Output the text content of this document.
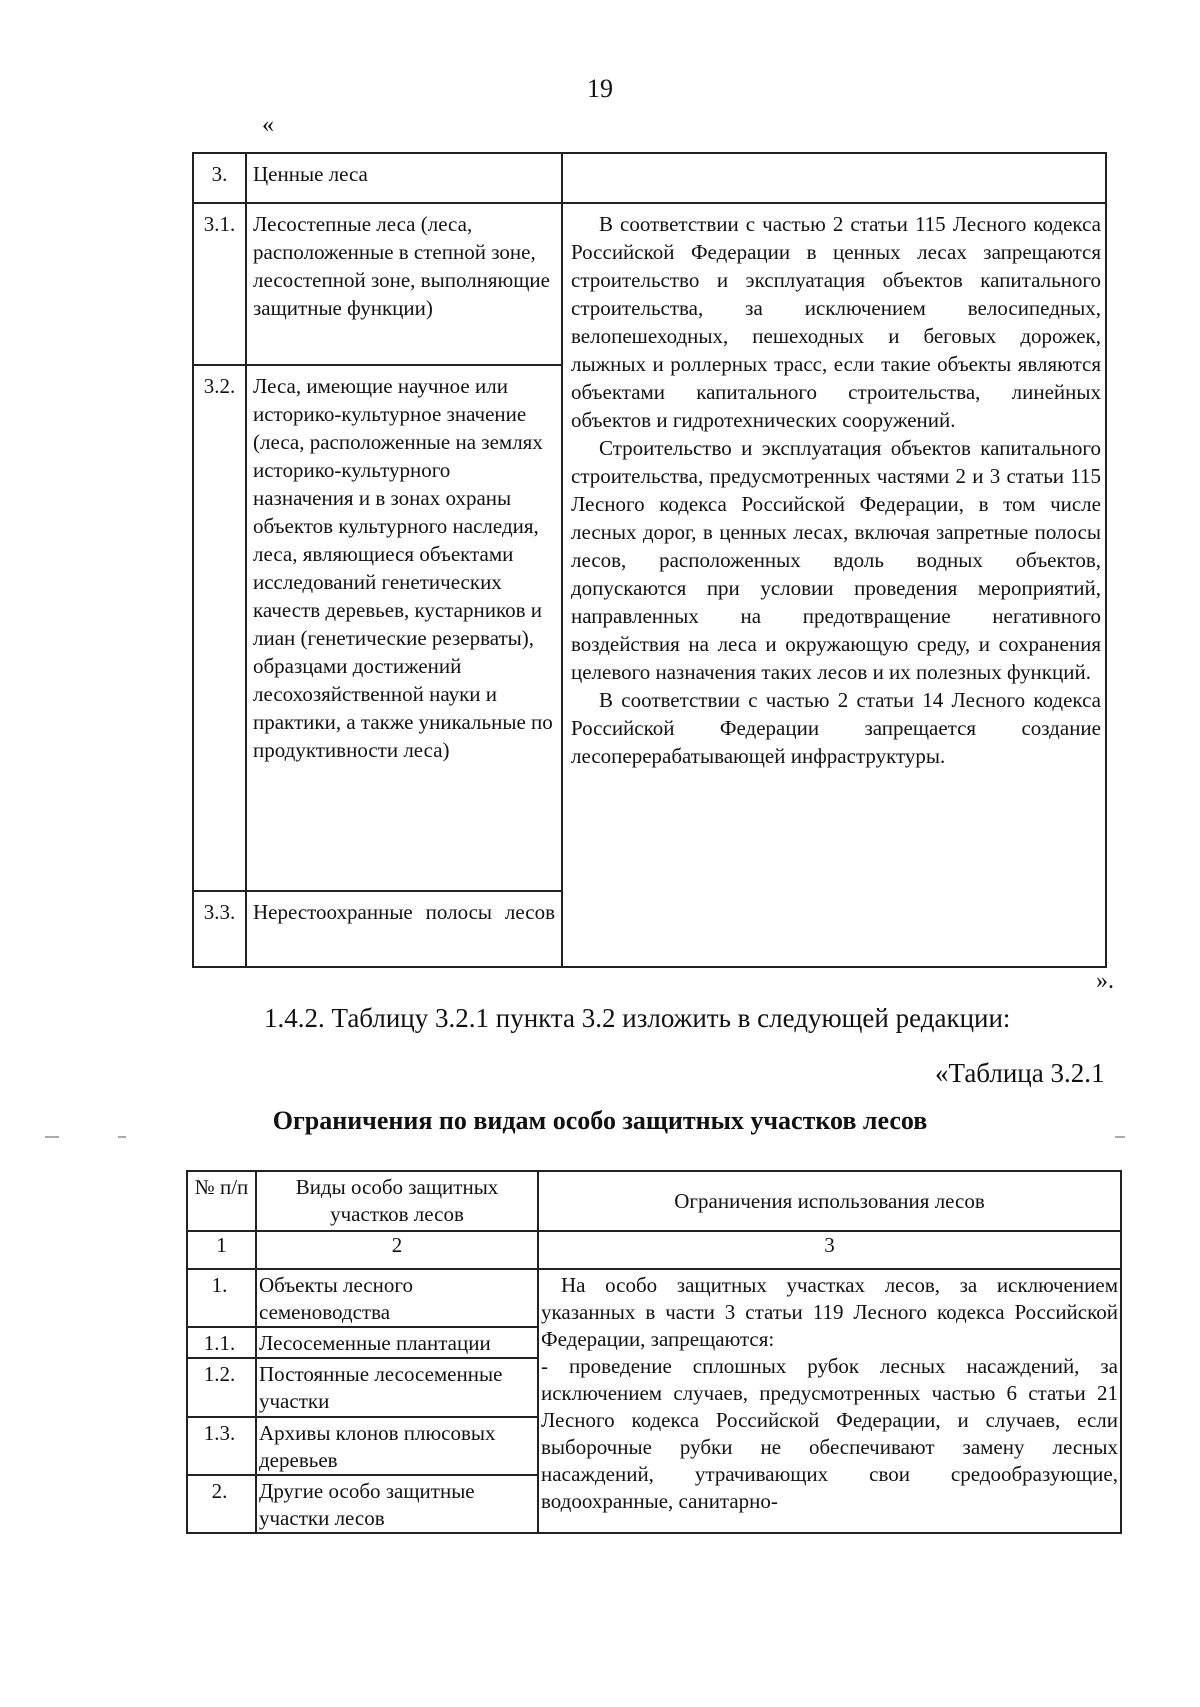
19
«
3.	Ценные леса	
3.1.	Лесостепные леса (леса, расположенные в степной зоне, лесостепной зоне, выполняющие защитные функции)	В соответствии с частью 2 статьи 115 Лесного кодекса Российской Федерации в ценных лесах запрещаются строительство и эксплуатация объектов капитального строительства, за исключением велосипедных, велопешеходных, пешеходных и беговых дорожек, лыжных и роллерных трасс, если такие объекты являются объектами капитального строительства, линейных объектов и гидротехнических сооружений.

Строительство и эксплуатация объектов капитального строительства, предусмотренных частями 2 и 3 статьи 115 Лесного кодекса Российской Федерации, в том числе лесных дорог, в ценных лесах, включая запретные полосы лесов, расположенных вдоль водных объектов, допускаются при условии проведения мероприятий, направленных на предотвращение негативного воздействия на леса и окружающую среду, и сохранения целевого назначения таких лесов и их полезных функций.

В соответствии с частью 2 статьи 14 Лесного кодекса Российской Федерации запрещается создание лесоперерабатывающей инфраструктуры.

3.2.	Леса, имеющие научное или историко-культурное значение (леса, расположенные на землях историко-культурного назначения и в зонах охраны объектов культурного наследия, леса, являющиеся объектами исследований генетических качеств деревьев, кустарников и лиан (генетические резерваты), образцами достижений лесохозяйственной науки и практики, а также уникальные по продуктивности леса)	
3.3.	Нерестоохранные полосы лесов	
».
1.4.2. Таблицу 3.2.1 пункта 3.2 изложить в следующей редакции:
«Таблица 3.2.1
Ограничения по видам особо защитных участков лесов
№ п/п	Виды особо защитных участков лесов	Ограничения использования лесов
1	2	3
1.	Объекты лесного семеноводства	На особо защитных участках лесов, за исключением указанных в части 3 статьи 119 Лесного кодекса Российской Федерации, запрещаются:

- проведение сплошных рубок лесных насаждений, за исключением случаев, предусмотренных частью 6 статьи 21 Лесного кодекса Российской Федерации, и случаев, если выборочные рубки не обеспечивают замену лесных насаждений, утрачивающих свои средообразующие, водоохранные, санитарно-

1.1.	Лесосеменные плантации	
1.2.	Постоянные лесосеменные участки	
1.3.	Архивы клонов плюсовых деревьев	
2.	Другие особо защитные участки лесов	
